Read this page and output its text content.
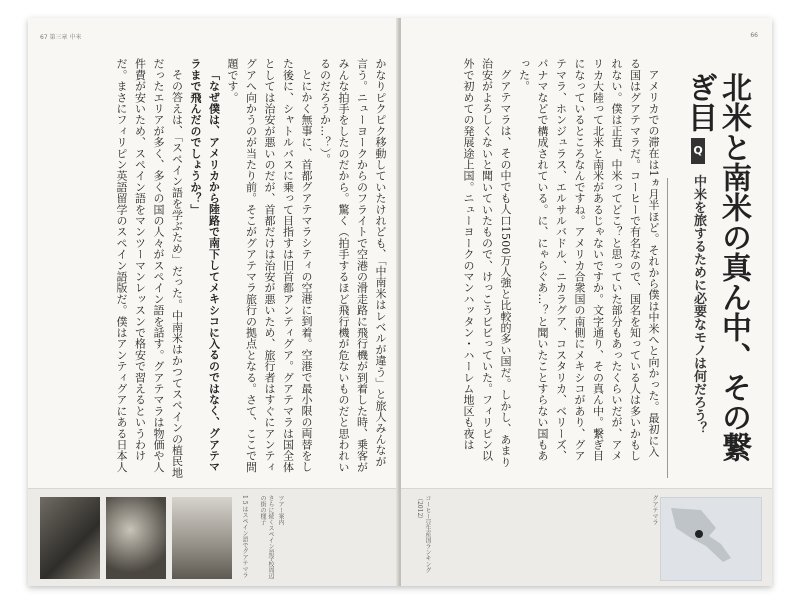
67 第三章 中米

かなりピクピク移動していたけれども、「中南米はレベルが違う」と旅人みんなが言う。ニューヨークからのフライトで空港の滑走路に飛行機が到着した時、乗客がみんな拍手をしたのだから。驚く（拍手するほど飛行機が危ないものだと思われいるのだろうか…？）。

とにかく無事に、首都グアテマラシティの空港に到着。空港で最小限の両替をした後に、シャトルバスに乗って目指すは旧首都アンティグア。グアテマラは国全体としては治安が悪いのだが、首都だけは治安が悪いため、旅行者はすぐにアンティグアへ向かうのが当たり前。そこがグアテマラ旅行の拠点となる。さて、ここで問題です。

「なぜ僕は、アメリカから陸路で南下してメキシコに入るのではなく、グアテマラまで飛んだのでしょうか？」

その答えは、「スペイン語を学ぶため」だった。中南米はかつてスペインの植民地だったエリアが多く、多くの国の人々がスペイン語を話す。グアテマラは物価や人件費が安いため、スペイン語をマンツーマンレッスンで格安で習えるというわけだ。まさにフィリピン英語留学のスペイン語版だ。僕はアンティグアにある日本人

1 5 はスペイン語でグアテマラ	さらに続くスペイン語学校周辺の街の様子	ツアー案内
66
北米と南米の真ん中、その繋ぎ目
Q 中米を旅するために必要なモノは何だろう？

アメリカでの滞在は1ヵ月半ほど。それから僕は中米へと向かった。最初に入る国はグアテマラだ。コーヒーで有名なので、国名を知っている人は多いかもしれない。僕は正直、中米ってどこ？と思っていた部分もあったくらいだが、アメリカ大陸って北米と南米があるじゃないですか。文字通り、その真ん中。繋ぎ目になっているところなんですね。アメリカ合衆国の南側にメキシコがあり、グアテマラ、ホンジュラス、エルサルバドル、ニカラグア、コスタリカ、ベリーズ、パナマなどで構成されている。に、にゃらぐあ…？と聞いたことすらない国もあった。

グアテマラは、その中でも人口1500万人強と比較的多い国だ。しかし、あまり治安がよろしくないと聞いていたもので、けっこうビビっていた。フィリピン以外で初めての発展途上国。ニューヨークのマンハッタン・ハーレム地区も夜は

コーヒー豆生産国ランキング（2012）	グアテマラ
